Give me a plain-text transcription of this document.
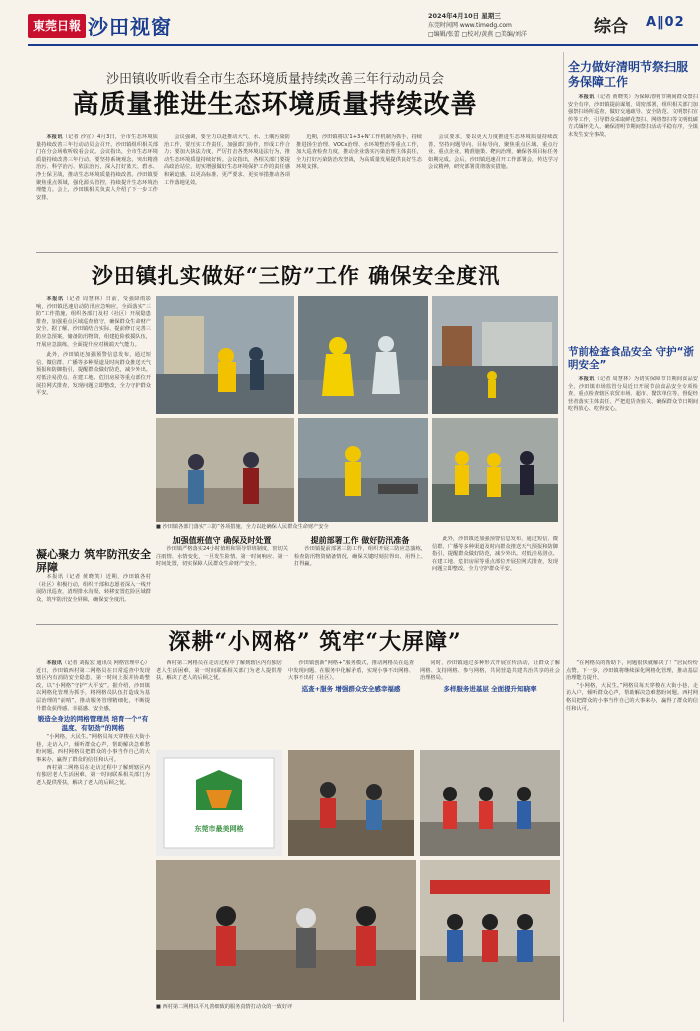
東莞日報 沙田视窗	2024年4月10日 星期三
东莞时间网 www.timedg.com
□编辑/张蕾 □校对/黄燕 □美编/刘洋	综合 A‖02
沙田镇收听收看全市生态环境质量持续改善三年行动动员会
高质量推进生态环境质量持续改善

本报讯（记者 沙宣）4月3日，全市生态环境质量持续改善三年行动动员会召开。沙田镇组织相关部门在分会场收听收看会议。会议指出，全市生态环境质量持续改善三年行动，要坚持系统观念，突出精准治污、科学治污、依法治污，深入打好蓝天、碧水、净土保卫战，推动生态环境质量持续改善。沙田镇要聚焦重点领域，强化源头管控，持续提升生态环境治理能力。会上，沙田镇相关负责人介绍了下一步工作安排。

会议强调，要全力以赴推动大气、水、土壤污染防治工作，要压实工作责任，加强部门协作，形成工作合力；要加大执法力度，严厉打击各类环境违法行为，推动生态环境质量持续好转。会议指出，各相关部门要提高政治站位，切实增强做好生态环境保护工作的责任感和紧迫感，以更高标准、更严要求、更实举措推动各项工作落地见效。

近期，沙田镇将以'1+3+N'工作机制为抓手，持续推进扬尘治理、VOCs治理、水环境整治等重点工作，加大巡查检查力度，推动企业落实污染治理主体责任，全力打好污染防治攻坚战，为高质量发展提供良好生态环境支撑。

会议要求，要以更大力度推进生态环境质量持续改善，坚持问题导向、目标导向，聚焦重点区域、重点行业、重点企业，精准施策、靶向治理，确保各项目标任务如期完成。会后，沙田镇迅速召开工作部署会，传达学习会议精神，研究部署贯彻落实措施。

全力做好清明节祭扫服务保障工作

本报讯（记者 黄晓笑）为保障清明节期间群众祭扫安全有序，沙田镇提前谋划、周密部署，组织相关部门加强祭扫场所巡查，做好交通疏导、安全防范、文明祭扫宣传等工作，引导群众采取鲜花祭扫、网络祭扫等文明低碳方式缅怀先人，确保清明节期间祭扫活动平稳有序，全镇未发生安全事故。

节前检查食品安全 守护“浙明安全”

本报讯（记者 周慧林）为切实保障节日期间食品安全，沙田镇市场监管分局近日开展节前食品安全专项检查，重点检查辖区农贸市场、超市、餐饮单位等，督促经营者落实主体责任，严把进货查验关，确保群众节日期间吃得放心、吃得安心。

沙田镇扎实做好“三防”工作 确保安全度汛

本报讯（记者 周慧林）日前，受强降雨影响，沙田镇迅速启动防汛应急响应，全面落实“三防”工作措施，组织各部门及村（社区）开展隐患排查，加强重点区域巡查值守，确保群众生命财产安全。据了解，沙田镇结合实际，提前修订完善三防应急预案，储备防汛物资，组建抢险救援队伍，开展应急演练，全面提升应对极端天气能力。

此外，沙田镇还加强预警信息发布，通过短信、微信群、广播等多种渠道及时向群众推送天气预报和防御指引，提醒群众做好防范，减少外出。对低洼易涝点、在建工地、危旧房屋等重点部位开展拉网式排查，发现问题立即整改，全力守护群众平安。

凝心聚力 筑牢防汛安全屏障

本报讯（记者 黄晓笑）近期，沙田镇各村（社区）积极行动，组织干部和志愿者深入一线开展防汛巡查，清理排水沟渠，转移安置危险区域群众，筑牢防汛安全屏障，确保安全度汛。

■ 沙田镇各部门落实“三防”各项措施，全力以赴确保人民群众生命财产安全

加强值班值守 确保及时处置

沙田镇严格落实24小时值班和领导带班制度，密切关注雨情、水情变化，一旦发生险情，第一时间响应、第一时间处置，切实保障人民群众生命财产安全。

提前部署工作 做好防汛准备

沙田镇提前部署三防工作，组织开展三防应急演练，检查防汛物资储备情况，确保关键时刻拉得出、用得上、打得赢。

此外，沙田镇还加强预警信息发布，通过短信、微信群、广播等多种渠道及时向群众推送天气预报和防御指引，提醒群众做好防范，减少外出。对低洼易涝点、在建工地、危旧房屋等重点部位开展拉网式排查，发现问题立即整改，全力守护群众平安。

深耕“小网格” 筑牢“大屏障”

本报讯（记者 刘振宏 通讯员 网格管理中心）近日，沙田镇西村第二网格员在日常巡查中发现辖区内有消防安全隐患，第一时间上报并协助整改，以“小网格”守护“大平安”。据介绍，沙田镇以网格化管理为抓手，将网格员队伍打造成为基层治理的“前哨”，推动服务管理精细化，不断提升群众获得感、幸福感、安全感。

锻造全身边的网格管理员 培育一个“有温度、有韧劲”的网格

“小网格，大民生。”网格员每天穿梭在大街小巷，走访入户，倾听群众心声，帮助解决急难愁盼问题。西村网格员把群众的小事当作自己的大事来办，赢得了群众的信任和认可。

西村第二网格员在走访过程中了解到辖区内有独居老人生活困难，第一时间联系相关部门为老人提供帮扶，解决了老人的后顾之忧。

西村第二网格员在走访过程中了解到辖区内有独居老人生活困难，第一时间联系相关部门为老人提供帮扶，解决了老人的后顾之忧。

沙田镇创新“网格+”服务模式，推动网格员在巡查中发现问题、在服务中化解矛盾，实现小事不出网格、大事不出村（社区）。

巡查+服务 增强群众安全感幸福感

同时，沙田镇通过多种形式开展宣传活动，让群众了解网格、支持网格、参与网格，共同营造共建共治共享的社会治理格局。

多样服务进基层 全面提升知晓率

“在网格员的帮助下，问题很快就解决了！”居民纷纷点赞。下一步，沙田镇将继续深化网格化管理，推动基层治理能力提升。

“小网格，大民生。”网格员每天穿梭在大街小巷，走访入户，倾听群众心声，帮助解决急难愁盼问题。西村网格员把群众的小事当作自己的大事来办，赢得了群众的信任和认可。

东莞市最美网格
■ 西村第二网格以平凡善细致的服务真情打动众的一致好评
